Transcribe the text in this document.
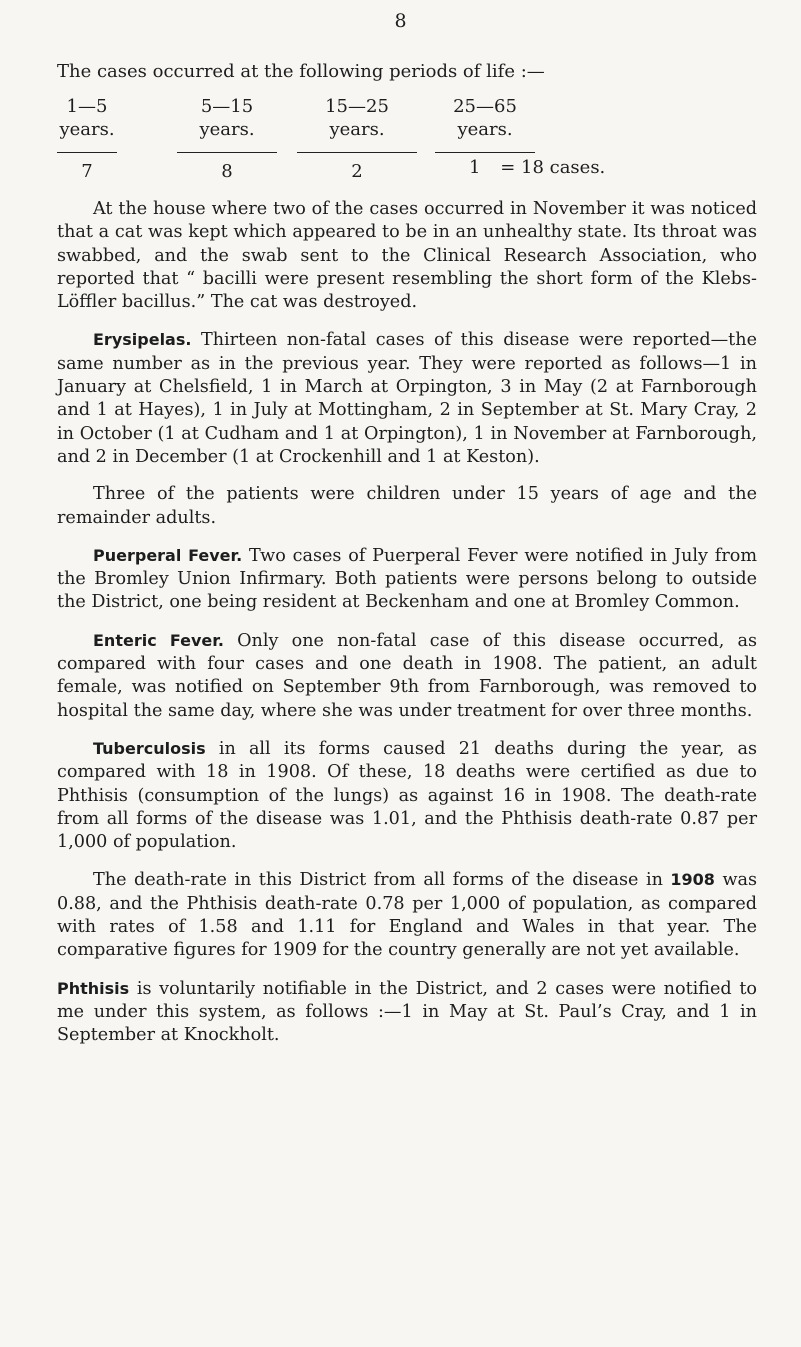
8
The cases occurred at the following periods of life :—
1—5
years.
7
5—15
years.
8
15—25
years.
2
25—65
years.
1 = 18 cases.

At the house where two of the cases occurred in November it was noticed that a cat was kept which appeared to be in an unhealthy state. Its throat was swabbed, and the swab sent to the Clinical Research Association, who reported that “ bacilli were present resembling the short form of the Klebs-Löffler bacillus.” The cat was destroyed.

Erysipelas. Thirteen non-fatal cases of this disease were reported—the same number as in the previous year. They were reported as follows—1 in January at Chelsfield, 1 in March at Orpington, 3 in May (2 at Farnborough and 1 at Hayes), 1 in July at Mottingham, 2 in September at St. Mary Cray, 2 in October (1 at Cudham and 1 at Orpington), 1 in November at Farnborough, and 2 in December (1 at Crockenhill and 1 at Keston).

Three of the patients were children under 15 years of age and the remainder adults.

Puerperal Fever. Two cases of Puerperal Fever were notified in July from the Bromley Union Infirmary. Both patients were persons belong to outside the District, one being resident at Beckenham and one at Bromley Common.

Enteric Fever. Only one non-fatal case of this disease occurred, as compared with four cases and one death in 1908. The patient, an adult female, was notified on September 9th from Farnborough, was removed to hospital the same day, where she was under treatment for over three months.

Tuberculosis in all its forms caused 21 deaths during the year, as compared with 18 in 1908. Of these, 18 deaths were certified as due to Phthisis (consumption of the lungs) as against 16 in 1908. The death-rate from all forms of the disease was 1.01, and the Phthisis death-rate 0.87 per 1,000 of population.

The death-rate in this District from all forms of the disease in 1908 was 0.88, and the Phthisis death-rate 0.78 per 1,000 of population, as compared with rates of 1.58 and 1.11 for England and Wales in that year. The comparative figures for 1909 for the country generally are not yet available.

Phthisis is voluntarily notifiable in the District, and 2 cases were notified to me under this system, as follows :—1 in May at St. Paul’s Cray, and 1 in September at Knockholt.
